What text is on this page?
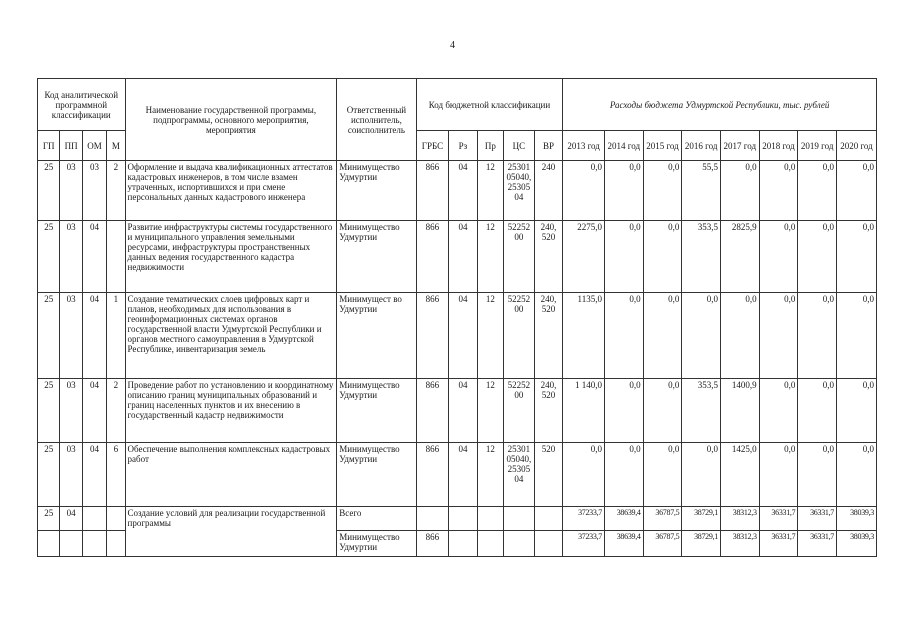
4
Код аналитической программной классификации				Наименование государственной программы, подпрограммы, основного мероприятия, мероприятия	Ответственный исполнитель, соисполнитель	Код бюджетной классификации					Расходы бюджета Удмуртской Республики, тыс. рублей							
ГП	ПП	ОМ	М			ГРБС	Рз	Пр	ЦС	ВР	2013 год	2014 год	2015 год	2016 год	2017 год	2018 год	2019 год	2020 год
25	03	03	2	Оформление и выдача квалификационных аттестатов кадастровых инженеров, в том числе взамен утраченных, испортившихся и при смене персональных данных кадастрового инженера	Минимущество Удмуртии	866	04	12	25301 05040, 25305 04	240	0,0	0,0	0,0	55,5	0,0	0,0	0,0	0,0
25	03	04		Развитие инфраструктуры системы государственного и муниципального управления земельными ресурсами, инфраструктуры пространственных данных ведения государственного кадастра недвижимости	Минимущество Удмуртии	866	04	12	52252 00	240, 520	2275,0	0,0	0,0	353,5	2825,9	0,0	0,0	0,0
25	03	04	1	Создание тематических слоев цифровых карт и планов, необходимых для использования в геоинформационных системах органов государственной власти Удмуртской Республики и органов местного самоуправления в Удмуртской Республике, инвентаризация земель	Минимущест во Удмуртии	866	04	12	52252 00	240, 520	1135,0	0,0	0,0	0,0	0,0	0,0	0,0	0,0
25	03	04	2	Проведение работ по установлению и координатному описанию границ муниципальных образований и границ населенных пунктов и их внесению в государственный кадастр недвижимости	Минимущество Удмуртии	866	04	12	52252 00	240, 520	1 140,0	0,0	0,0	353,5	1400,9	0,0	0,0	0,0
25	03	04	6	Обеспечение выполнения комплексных кадастровых работ	Минимущество Удмуртии	866	04	12	25301 05040, 25305 04	520	0,0	0,0	0,0	0,0	1425,0	0,0	0,0	0,0
25	04			Создание условий для реализации государственной программы	Всего						37233,7	38639,4	36787,5	38729,1	38312,3	36331,7	36331,7	38039,3
					Минимущество Удмуртии	866					37233,7	38639,4	36787,5	38729,1	38312,3	36331,7	36331,7	38039,3
